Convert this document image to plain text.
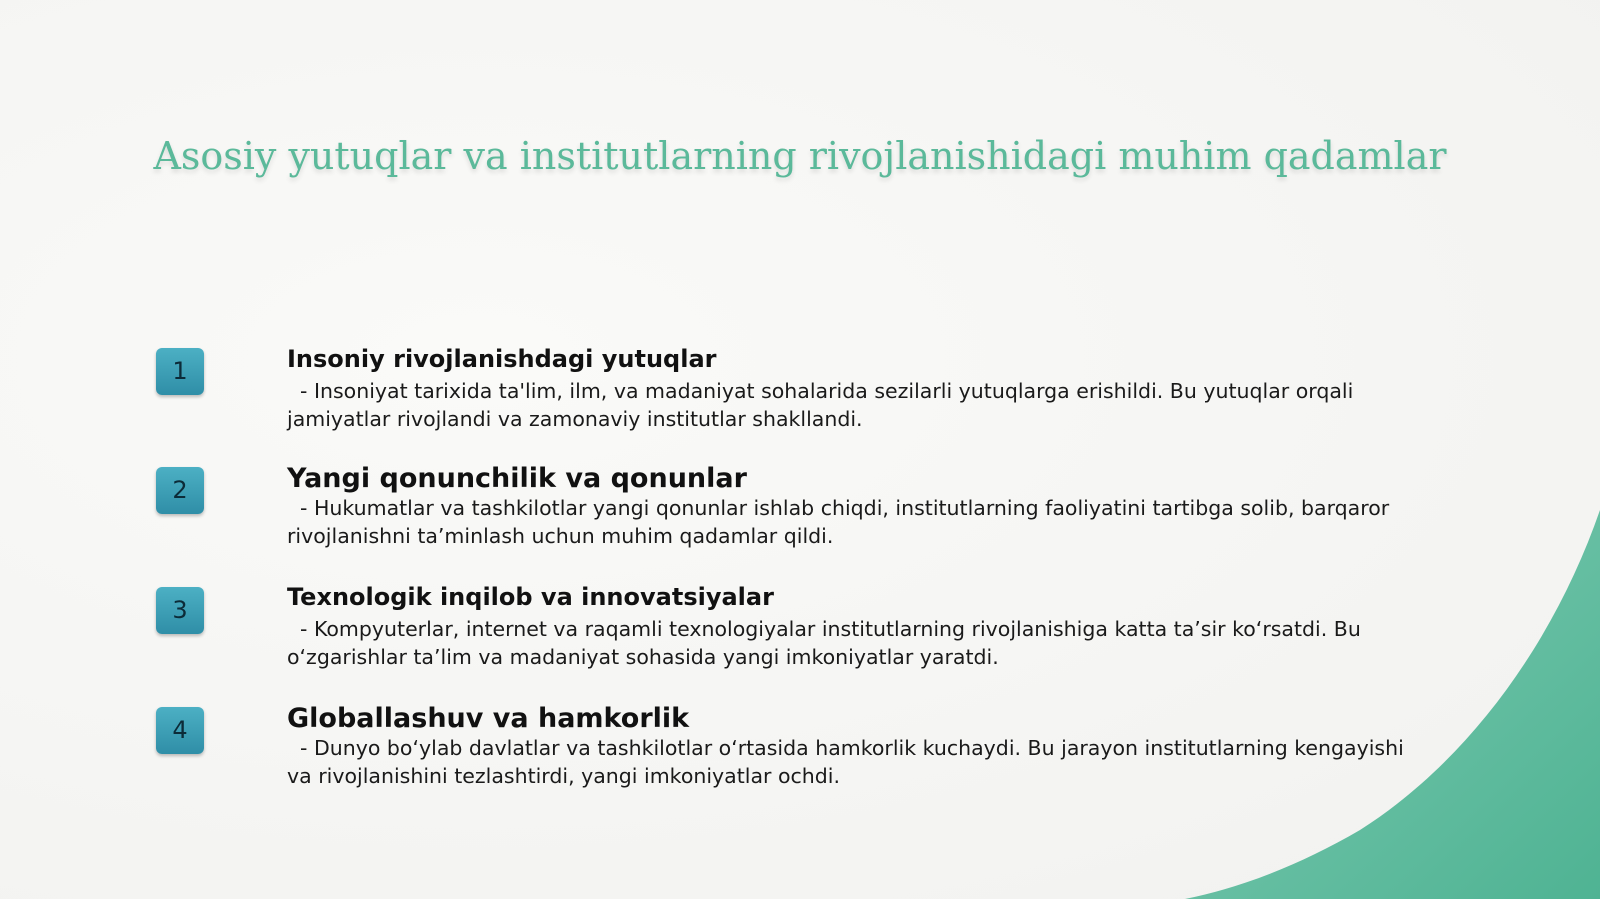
Asosiy yutuqlar va institutlarning rivojlanishidagi muhim qadamlar
1	Insoniy rivojlanishdagi yutuqlar
- Insoniyat tarixida ta'lim, ilm, va madaniyat sohalarida sezilarli yutuqlarga erishildi. Bu yutuqlar orqali jamiyatlar rivojlandi va zamonaviy institutlar shakllandi.
2	Yangi qonunchilik va qonunlar
- Hukumatlar va tashkilotlar yangi qonunlar ishlab chiqdi, institutlarning faoliyatini tartibga solib, barqaror rivojlanishni ta’minlash uchun muhim qadamlar qildi.
3	Texnologik inqilob va innovatsiyalar
- Kompyuterlar, internet va raqamli texnologiyalar institutlarning rivojlanishiga katta ta’sir ko‘rsatdi. Bu o‘zgarishlar ta’lim va madaniyat sohasida yangi imkoniyatlar yaratdi.
4	Globallashuv va hamkorlik
- Dunyo bo‘ylab davlatlar va tashkilotlar o‘rtasida hamkorlik kuchaydi. Bu jarayon institutlarning kengayishi va rivojlanishini tezlashtirdi, yangi imkoniyatlar ochdi.
